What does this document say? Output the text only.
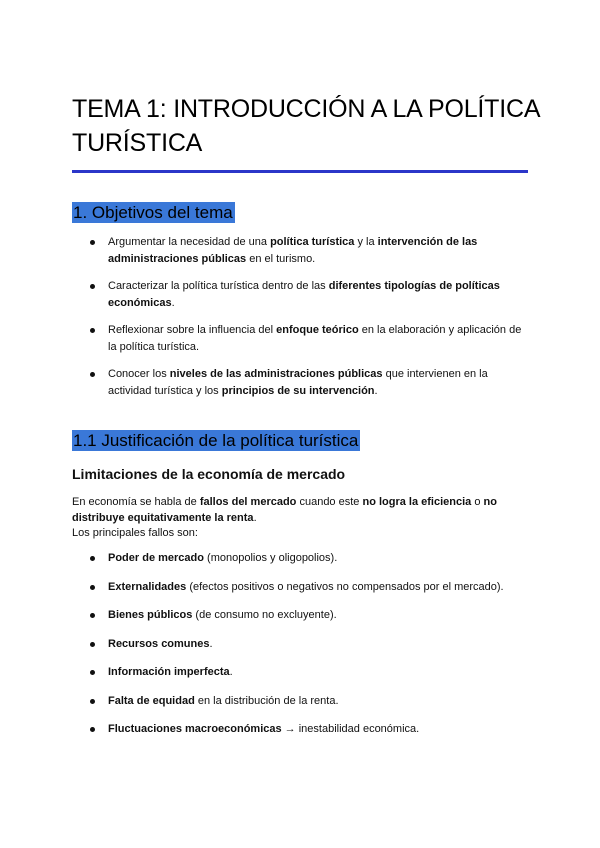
TEMA 1: INTRODUCCIÓN A LA POLÍTICA TURÍSTICA
1. Objetivos del tema
Argumentar la necesidad de una política turística y la intervención de las administraciones públicas en el turismo.
Caracterizar la política turística dentro de las diferentes tipologías de políticas económicas.
Reflexionar sobre la influencia del enfoque teórico en la elaboración y aplicación de la política turística.
Conocer los niveles de las administraciones públicas que intervienen en la actividad turística y los principios de su intervención.
1.1 Justificación de la política turística
Limitaciones de la economía de mercado

En economía se habla de fallos del mercado cuando este no logra la eficiencia o no distribuye equitativamente la renta.

Los principales fallos son:

Poder de mercado (monopolios y oligopolios).
Externalidades (efectos positivos o negativos no compensados por el mercado).
Bienes públicos (de consumo no excluyente).
Recursos comunes.
Información imperfecta.
Falta de equidad en la distribución de la renta.
Fluctuaciones macroeconómicas → inestabilidad económica.
